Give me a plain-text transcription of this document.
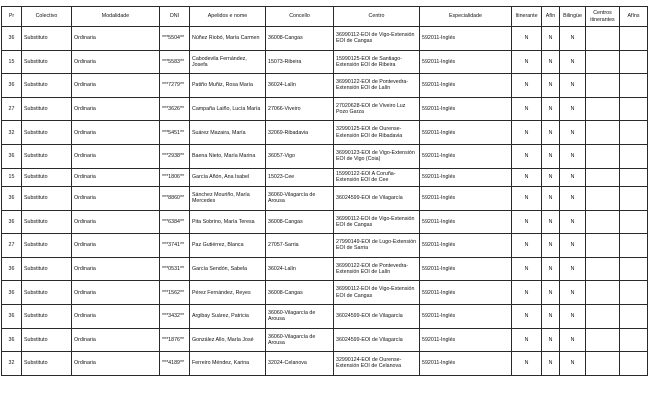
Pr	Colectivo	Modalidade	DNI	Apelidos e nome	Concello	Centro	Especialidade	Itinerante	Afín	Bilingüe	Centros itinerantes	Afíns
36	Substituto	Ordinaria	***5504**	Núñez Riobó, María Carmen	36008-Cangas	36990112-EOI de Vigo-Extensión EOI de Cangas	592011-Inglés	N	N	N		
15	Substituto	Ordinaria	***5583**	Cabodevila Fernández, Josefa	15073-Ribeira	15990125-EOI de Santiago-Extensión EOI de Ribeira	592011-Inglés	N	N	N		
36	Substituto	Ordinaria	***7279**	Patiño Muñiz, Rosa María	36024-Lalín	36990122-EOI de Pontevedra-Extensión EOI de Lalín	592011-Inglés	N	N	N		
27	Substituto	Ordinaria	***3626**	Campaña Laiño, Lucía María	27066-Viveiro	27020628-EOI de Viveiro Luz Pozo Garza	592011-Inglés	N	N	N		
32	Substituto	Ordinaria	***5451**	Suárez Mazaira, María	32069-Ribadavia	32990125-EOI de Ourense-Extensión EOI de Ribadavia	592011-Inglés	N	N	N		
36	Substituto	Ordinaria	***2938**	Baena Nieto, María Marina	36057-Vigo	36990123-EOI de Vigo-Extensión EOI de Vigo (Coia)	592011-Inglés	N	N	N		
15	Substituto	Ordinaria	***1806**	García Añón, Ana Isabel	15023-Cee	15990122-EOI A Coruña-Extensión EOI de Cee	592011-Inglés	N	N	N		
36	Substituto	Ordinaria	***8860**	Sánchez Mouriño, María Mercedes	36060-Vilagarcía de Arousa	36024599-EOI de Vilagarcía	592011-Inglés	N	N	N		
36	Substituto	Ordinaria	***6384**	Pita Sobrino, María Teresa	36008-Cangas	36990112-EOI de Vigo-Extensión EOI de Cangas	592011-Inglés	N	N	N		
27	Substituto	Ordinaria	***3741**	Paz Gutiérrez, Blanca	27057-Sarria	27990149-EOI de Lugo-Extensión EOI de Sarria	592011-Inglés	N	N	N		
36	Substituto	Ordinaria	***0531**	García Sendón, Sabela	36024-Lalín	36990122-EOI de Pontevedra-Extensión EOI de Lalín	592011-Inglés	N	N	N		
36	Substituto	Ordinaria	***1562**	Pérez Fernández, Reyes	36008-Cangas	36990112-EOI de Vigo-Extensión EOI de Cangas	592011-Inglés	N	N	N		
36	Substituto	Ordinaria	***3432**	Argibay Suárez, Patricia	36060-Vilagarcía de Arousa	36024599-EOI de Vilagarcía	592011-Inglés	N	N	N		
36	Substituto	Ordinaria	***1876**	González Allo, María José	36060-Vilagarcía de Arousa	36024599-EOI de Vilagarcía	592011-Inglés	N	N	N		
32	Substituto	Ordinaria	***4189**	Ferreiro Méndez, Karina	32024-Celanova	32990124-EOI de Ourense-Extensión EOI de Celanova	592011-Inglés	N	N	N		
